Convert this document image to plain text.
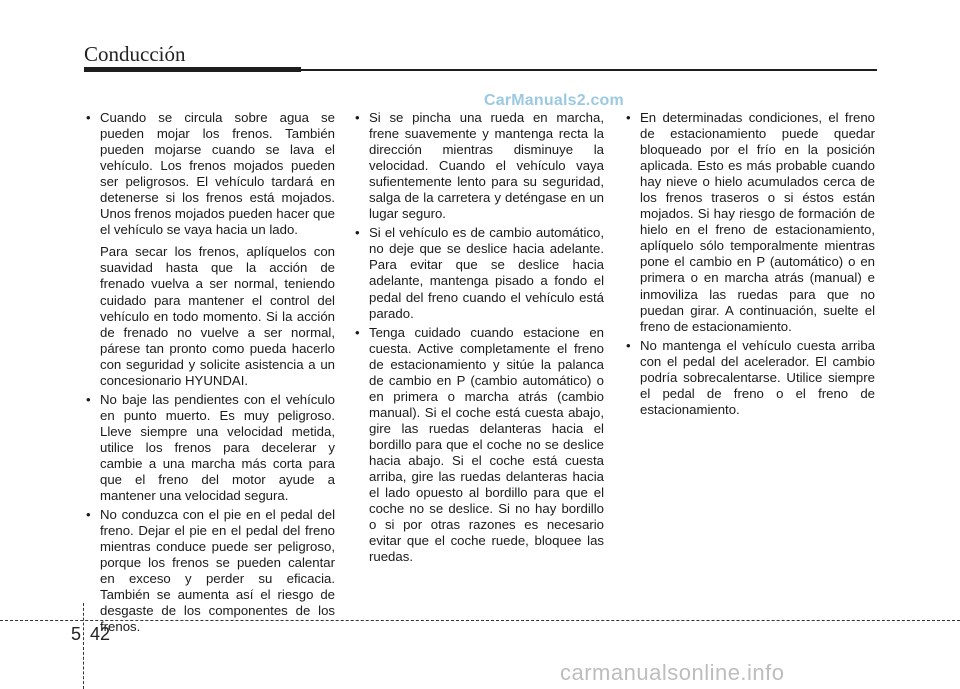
Conducción
CarManuals2.com
• Cuando se circula sobre agua se pueden mojar los frenos. También pueden mojarse cuando se lava el vehículo. Los frenos mojados pueden ser peligrosos. El vehículo tardará en detenerse si los frenos está mojados. Unos frenos mojados pueden hacer que el vehículo se vaya hacia un lado.
Para secar los frenos, aplíquelos con suavidad hasta que la acción de frenado vuelva a ser normal, teniendo cuidado para mantener el control del vehículo en todo momento. Si la acción de frenado no vuelve a ser normal, párese tan pronto como pueda hacerlo con seguridad y solicite asistencia a un concesionario HYUNDAI.
• No baje las pendientes con el vehículo en punto muerto. Es muy peligroso. Lleve siempre una velocidad metida, utilice los frenos para decelerar y cambie a una marcha más corta para que el freno del motor ayude a mantener una velocidad segura.
• No conduzca con el pie en el pedal del freno. Dejar el pie en el pedal del freno mientras conduce puede ser peligroso, porque los frenos se pueden calentar en exceso y perder su eficacia. También se aumenta así el riesgo de desgaste de los componentes de los frenos.
• Si se pincha una rueda en marcha, frene suavemente y mantenga recta la dirección mientras disminuye la velocidad. Cuando el vehículo vaya sufientemente lento para su seguridad, salga de la carretera y deténgase en un lugar seguro.
• Si el vehículo es de cambio automático, no deje que se deslice hacia adelante. Para evitar que se deslice hacia adelante, mantenga pisado a fondo el pedal del freno cuando el vehículo está parado.
• Tenga cuidado cuando estacione en cuesta. Active completamente el freno de estacionamiento y sitúe la palanca de cambio en P (cambio automático) o en primera o marcha atrás (cambio manual). Si el coche está cuesta abajo, gire las ruedas delanteras hacia el bordillo para que el coche no se deslice hacia abajo. Si el coche está cuesta arriba, gire las ruedas delanteras hacia el lado opuesto al bordillo para que el coche no se deslice. Si no hay bordillo o si por otras razones es necesario evitar que el coche ruede, bloquee las ruedas.
• En determinadas condiciones, el freno de estacionamiento puede quedar bloqueado por el frío en la posición aplicada. Esto es más probable cuando hay nieve o hielo acumulados cerca de los frenos traseros o si éstos están mojados. Si hay riesgo de formación de hielo en el freno de estacionamiento, aplíquelo sólo temporalmente mientras pone el cambio en P (automático) o en primera o en marcha atrás (manual) e inmoviliza las ruedas para que no puedan girar. A continuación, suelte el freno de estacionamiento.
• No mantenga el vehículo cuesta arriba con el pedal del acelerador. El cambio podría sobrecalentarse. Utilice siempre el pedal de freno o el freno de estacionamiento.
5 42
carmanualsonline.info
